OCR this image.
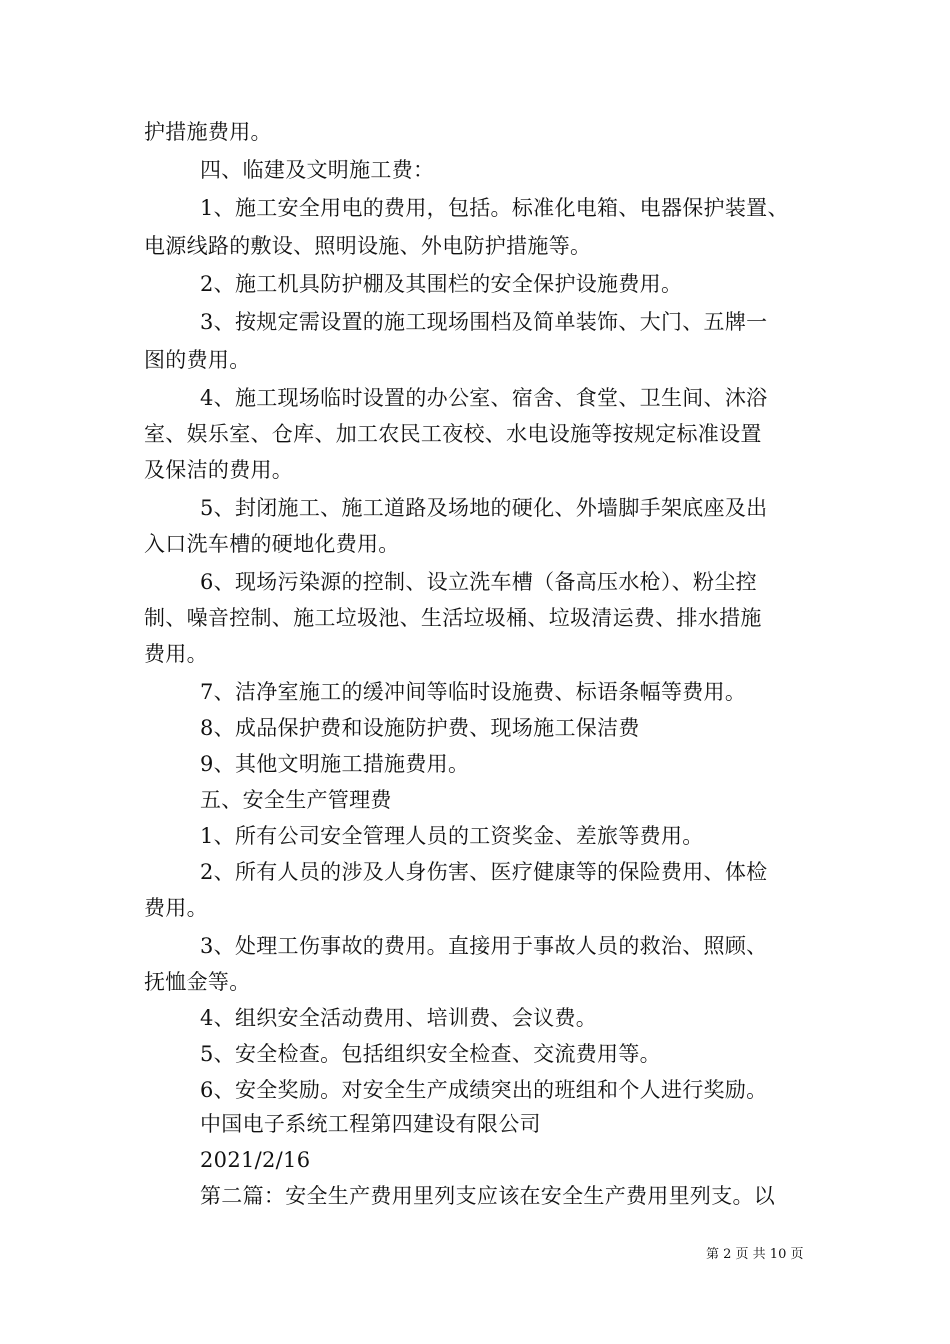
护措施费用。
四、临建及文明施工费：
1、施工安全用电的费用，包括。标准化电箱、电器保护装置、
电源线路的敷设、照明设施、外电防护措施等。
2、施工机具防护棚及其围栏的安全保护设施费用。
3、按规定需设置的施工现场围档及简单装饰、大门、五牌一
图的费用。
4、施工现场临时设置的办公室、宿舍、食堂、卫生间、沐浴
室、娱乐室、仓库、加工农民工夜校、水电设施等按规定标准设置
及保洁的费用。
5、封闭施工、施工道路及场地的硬化、外墙脚手架底座及出
入口洗车槽的硬地化费用。
6、现场污染源的控制、设立洗车槽（备高压水枪）、粉尘控
制、噪音控制、施工垃圾池、生活垃圾桶、垃圾清运费、排水措施
费用。
7、洁净室施工的缓冲间等临时设施费、标语条幅等费用。
8、成品保护费和设施防护费、现场施工保洁费
9、其他文明施工措施费用。
五、安全生产管理费
1、所有公司安全管理人员的工资奖金、差旅等费用。
2、所有人员的涉及人身伤害、医疗健康等的保险费用、体检
费用。
3、处理工伤事故的费用。直接用于事故人员的救治、照顾、
抚恤金等。
4、组织安全活动费用、培训费、会议费。
5、安全检查。包括组织安全检查、交流费用等。
6、安全奖励。对安全生产成绩突出的班组和个人进行奖励。
中国电子系统工程第四建设有限公司
2021/2/16
第二篇：安全生产费用里列支应该在安全生产费用里列支。以
第 2 页 共 10 页
